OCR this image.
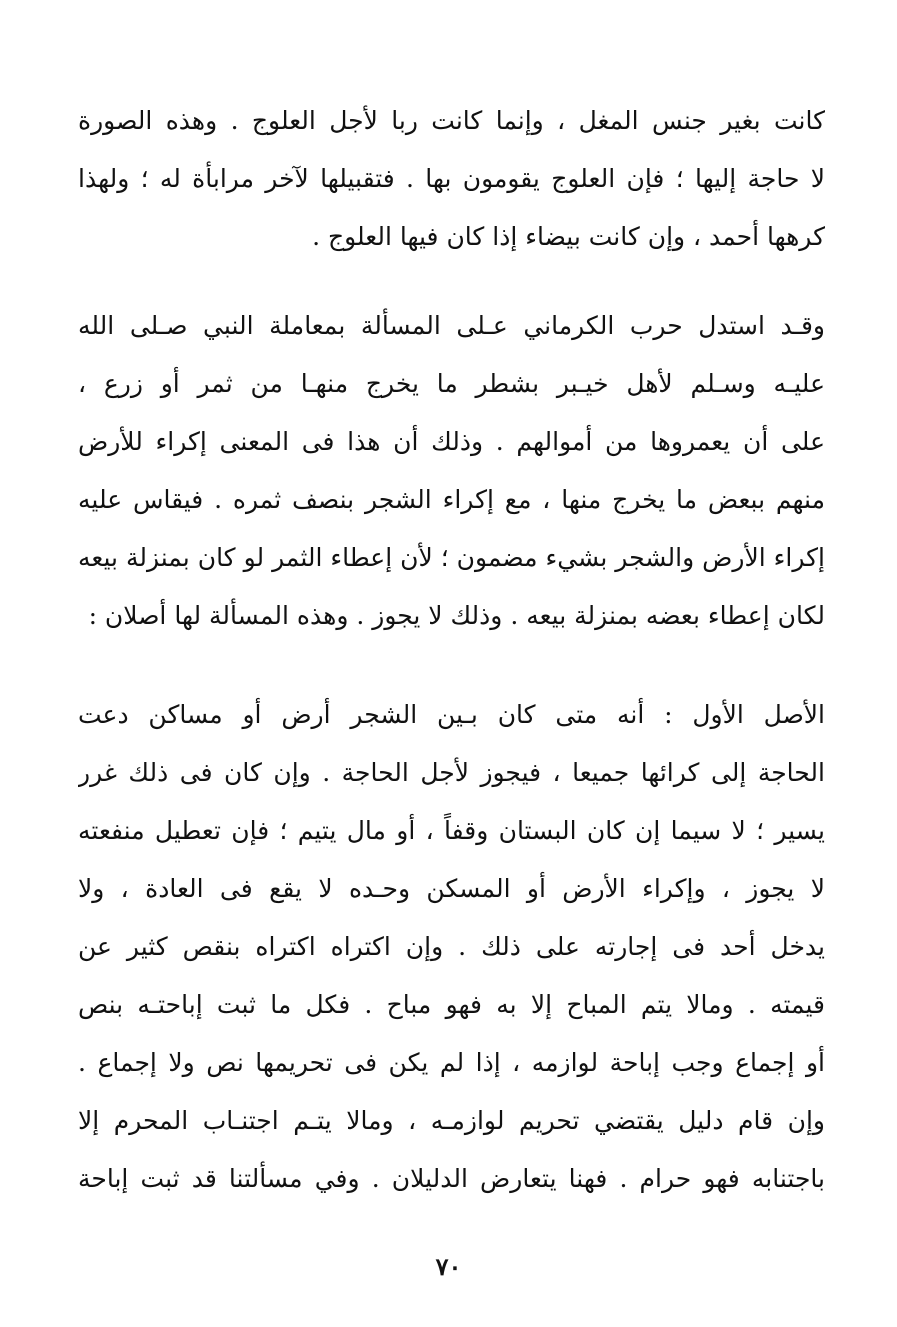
كانت بغير جنس المغل ، وإنما كانت ربا لأجل العلوج . وهذه الصورة
لا حاجة إليها ؛ فإن العلوج يقومون بها . فتقبيلها لآخر مرابأة له ؛ ولهذا
كرهها أحمد ، وإن كانت بيضاء إذا كان فيها العلوج .
وقـد استدل حرب الكرماني عـلى المسألة بمعاملة النبي صـلى الله
عليـه وسـلم لأهل خيـبر بشطر ما يخرج منهـا من ثمر أو زرع ،
على أن يعمروها من أموالهم . وذلك أن هذا فى المعنى إكراء للأرض
منهم ببعض ما يخرج منها ، مع إكراء الشجر بنصف ثمره . فيقاس عليه
إكراء الأرض والشجر بشيء مضمون ؛ لأن إعطاء الثمر لو كان بمنزلة بيعه
لكان إعطاء بعضه بمنزلة بيعه . وذلك لا يجوز . وهذه المسألة لها أصلان :
الأصل الأول : أنه متى كان بـين الشجر أرض أو مساكن دعت
الحاجة إلى كرائها جميعا ، فيجوز لأجل الحاجة . وإن كان فى ذلك غرر
يسير ؛ لا سيما إن كان البستان وقفاً ، أو مال يتيم ؛ فإن تعطيل منفعته
لا يجوز ، وإكراء الأرض أو المسكن وحـده لا يقع فى العادة ، ولا
يدخل أحد فى إجارته على ذلك . وإن اكتراه اكتراه بنقص كثير عن
قيمته . ومالا يتم المباح إلا به فهو مباح . فكل ما ثبت إباحتـه بنص
أو إجماع وجب إباحة لوازمه ، إذا لم يكن فى تحريمها نص ولا إجماع .
وإن قام دليل يقتضي تحريم لوازمـه ، ومالا يتـم اجتنـاب المحرم إلا
باجتنابه فهو حرام . فهنا يتعارض الدليلان . وفي مسألتنا قد ثبت إباحة
٧٠
